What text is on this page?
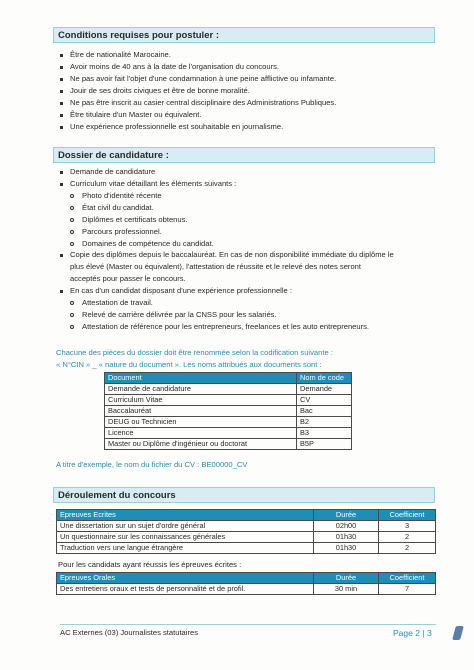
Conditions requises pour postuler :
Être de nationalité Marocaine.
Avoir moins de 40 ans à la date de l'organisation du concours.
Ne pas avoir fait l'objet d'une condamnation à une peine afflictive ou infamante.
Jouir de ses droits civiques et être de bonne moralité.
Ne pas être inscrit au casier central disciplinaire des Administrations Publiques.
Être titulaire d'un Master ou équivalent.
Une expérience professionnelle est souhaitable en journalisme.
Dossier de candidature :
Demande de candidature
Curriculum vitae détaillant les éléments suivants :
Photo d'identité récente
État civil du candidat.
Diplômes et certificats obtenus.
Parcours professionnel.
Domaines de compétence du candidat.
Copie des diplômes depuis le baccalauréat. En cas de non disponibilité immédiate du diplôme le
plus élevé (Master ou équivalent), l'attestation de réussite et le relevé des notes seront
acceptés pour passer le concours.
En cas d'un candidat disposant d'une expérience professionnelle :
Attestation de travail.
Relevé de carrière délivrée par la CNSS pour les salariés.
Attestation de référence pour les entrepreneurs, freelances et les auto entrepreneurs.
Chacune des pièces du dossier doit être renommée selon la codification suivante :
« N°CIN » _ « nature du document ». Les noms attribués aux documents sont :
Document	Nom de code
Demande de candidature	Demande
Curriculum Vitae	CV
Baccalauréat	Bac
DEUG ou Technicien	B2
Licence	B3
Master ou Diplôme d'ingénieur ou doctorat	B5P
A titre d'exemple, le nom du fichier du CV : BE00000_CV
Déroulement du concours
Epreuves Ecrites	Durée	Coefficient
Une dissertation sur un sujet d'ordre général	02h00	3
Un questionnaire sur les connaissances générales	01h30	2
Traduction vers une langue étrangère	01h30	2
Pour les candidats ayant réussis les épreuves écrites :
Epreuves Orales	Durée	Coefficient
Des entretiens oraux et tests de personnalité et de profil.	30 min	7
AC Externes (03) Journalistes statutaires	Page 2 | 3
